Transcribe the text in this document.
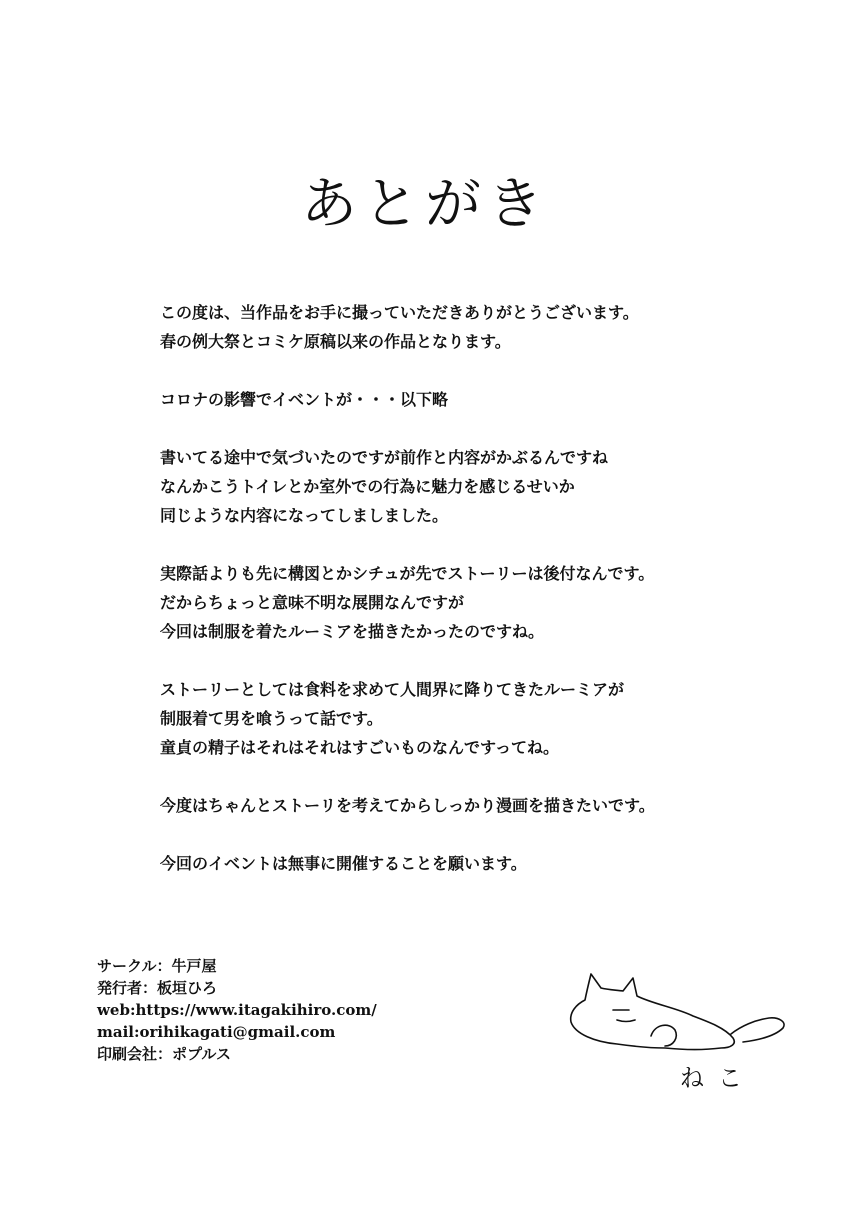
あとがき

この度は、当作品をお手に撮っていただきありがとうございます。
春の例大祭とコミケ原稿以来の作品となります。

コロナの影響でイベントが・・・以下略

書いてる途中で気づいたのですが前作と内容がかぶるんですね
なんかこうトイレとか室外での行為に魅力を感じるせいか
同じような内容になってしましました。

実際話よりも先に構図とかシチュが先でストーリーは後付なんです。
だからちょっと意味不明な展開なんですが
今回は制服を着たルーミアを描きたかったのですね。

ストーリーとしては食料を求めて人間界に降りてきたルーミアが
制服着て男を喰うって話です。
童貞の精子はそれはそれはすごいものなんですってね。

今度はちゃんとストーリを考えてからしっかり漫画を描きたいです。

今回のイベントは無事に開催することを願います。

サークル：牛戸屋
発行者：板垣ひろ
web:https://www.itagakihiro.com/
mail:orihikagati@gmail.com
印刷会社：ポプルス
ねこ
